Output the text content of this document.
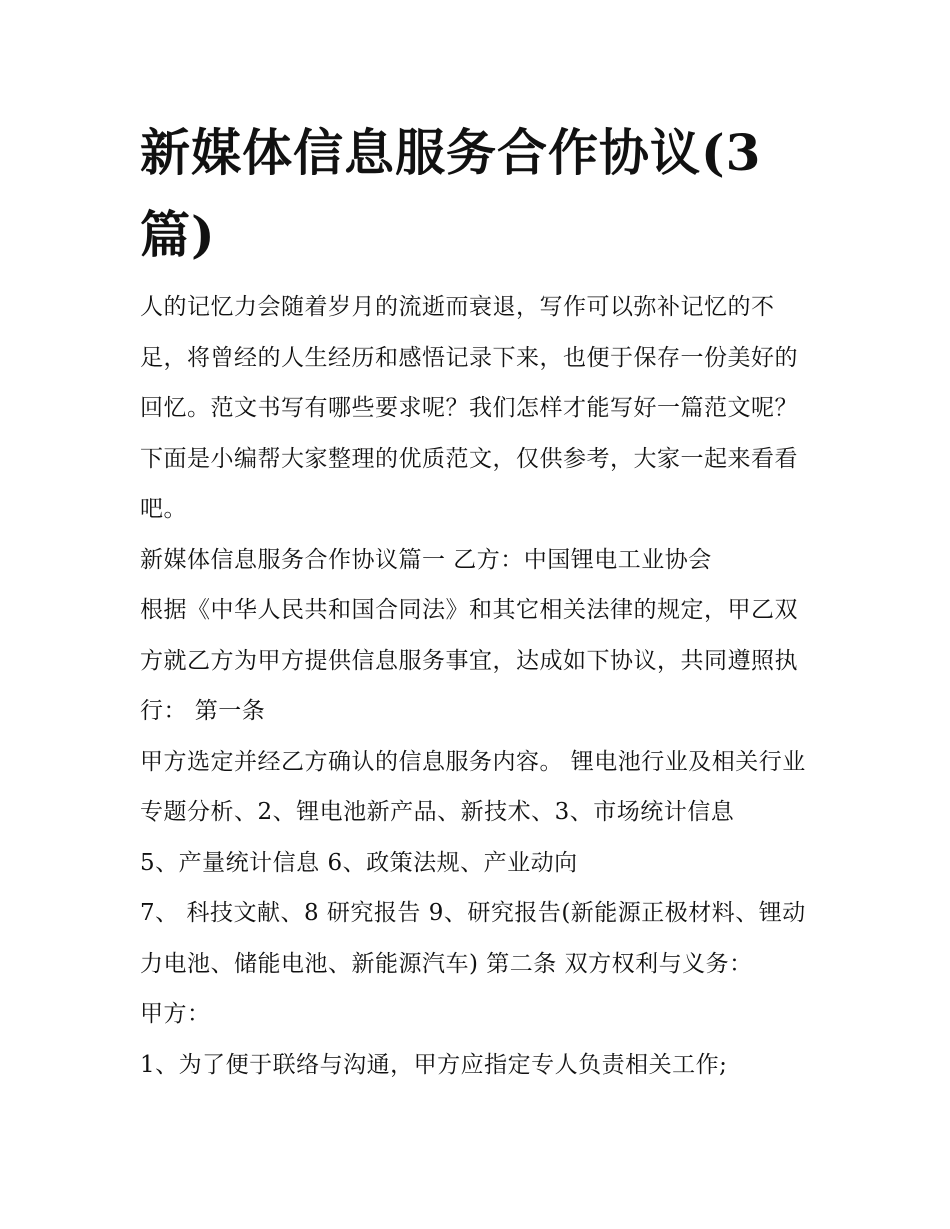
新媒体信息服务合作协议(3篇)

人的记忆力会随着岁月的流逝而衰退，写作可以弥补记忆的不足，将曾经的人生经历和感悟记录下来，也便于保存一份美好的回忆。范文书写有哪些要求呢？我们怎样才能写好一篇范文呢？下面是小编帮大家整理的优质范文，仅供参考，大家一起来看看吧。

新媒体信息服务合作协议篇一 乙方：中国锂电工业协会

根据《中华人民共和国合同法》和其它相关法律的规定，甲乙双方就乙方为甲方提供信息服务事宜，达成如下协议，共同遵照执行： 第一条

甲方选定并经乙方确认的信息服务内容。 锂电池行业及相关行业专题分析、2、锂电池新产品、新技术、3、市场统计信息

5、产量统计信息 6、政策法规、产业动向

7、 科技文献、8 研究报告 9、研究报告(新能源正极材料、锂动力电池、储能电池、新能源汽车) 第二条 双方权利与义务：

甲方：

1、为了便于联络与沟通，甲方应指定专人负责相关工作;
